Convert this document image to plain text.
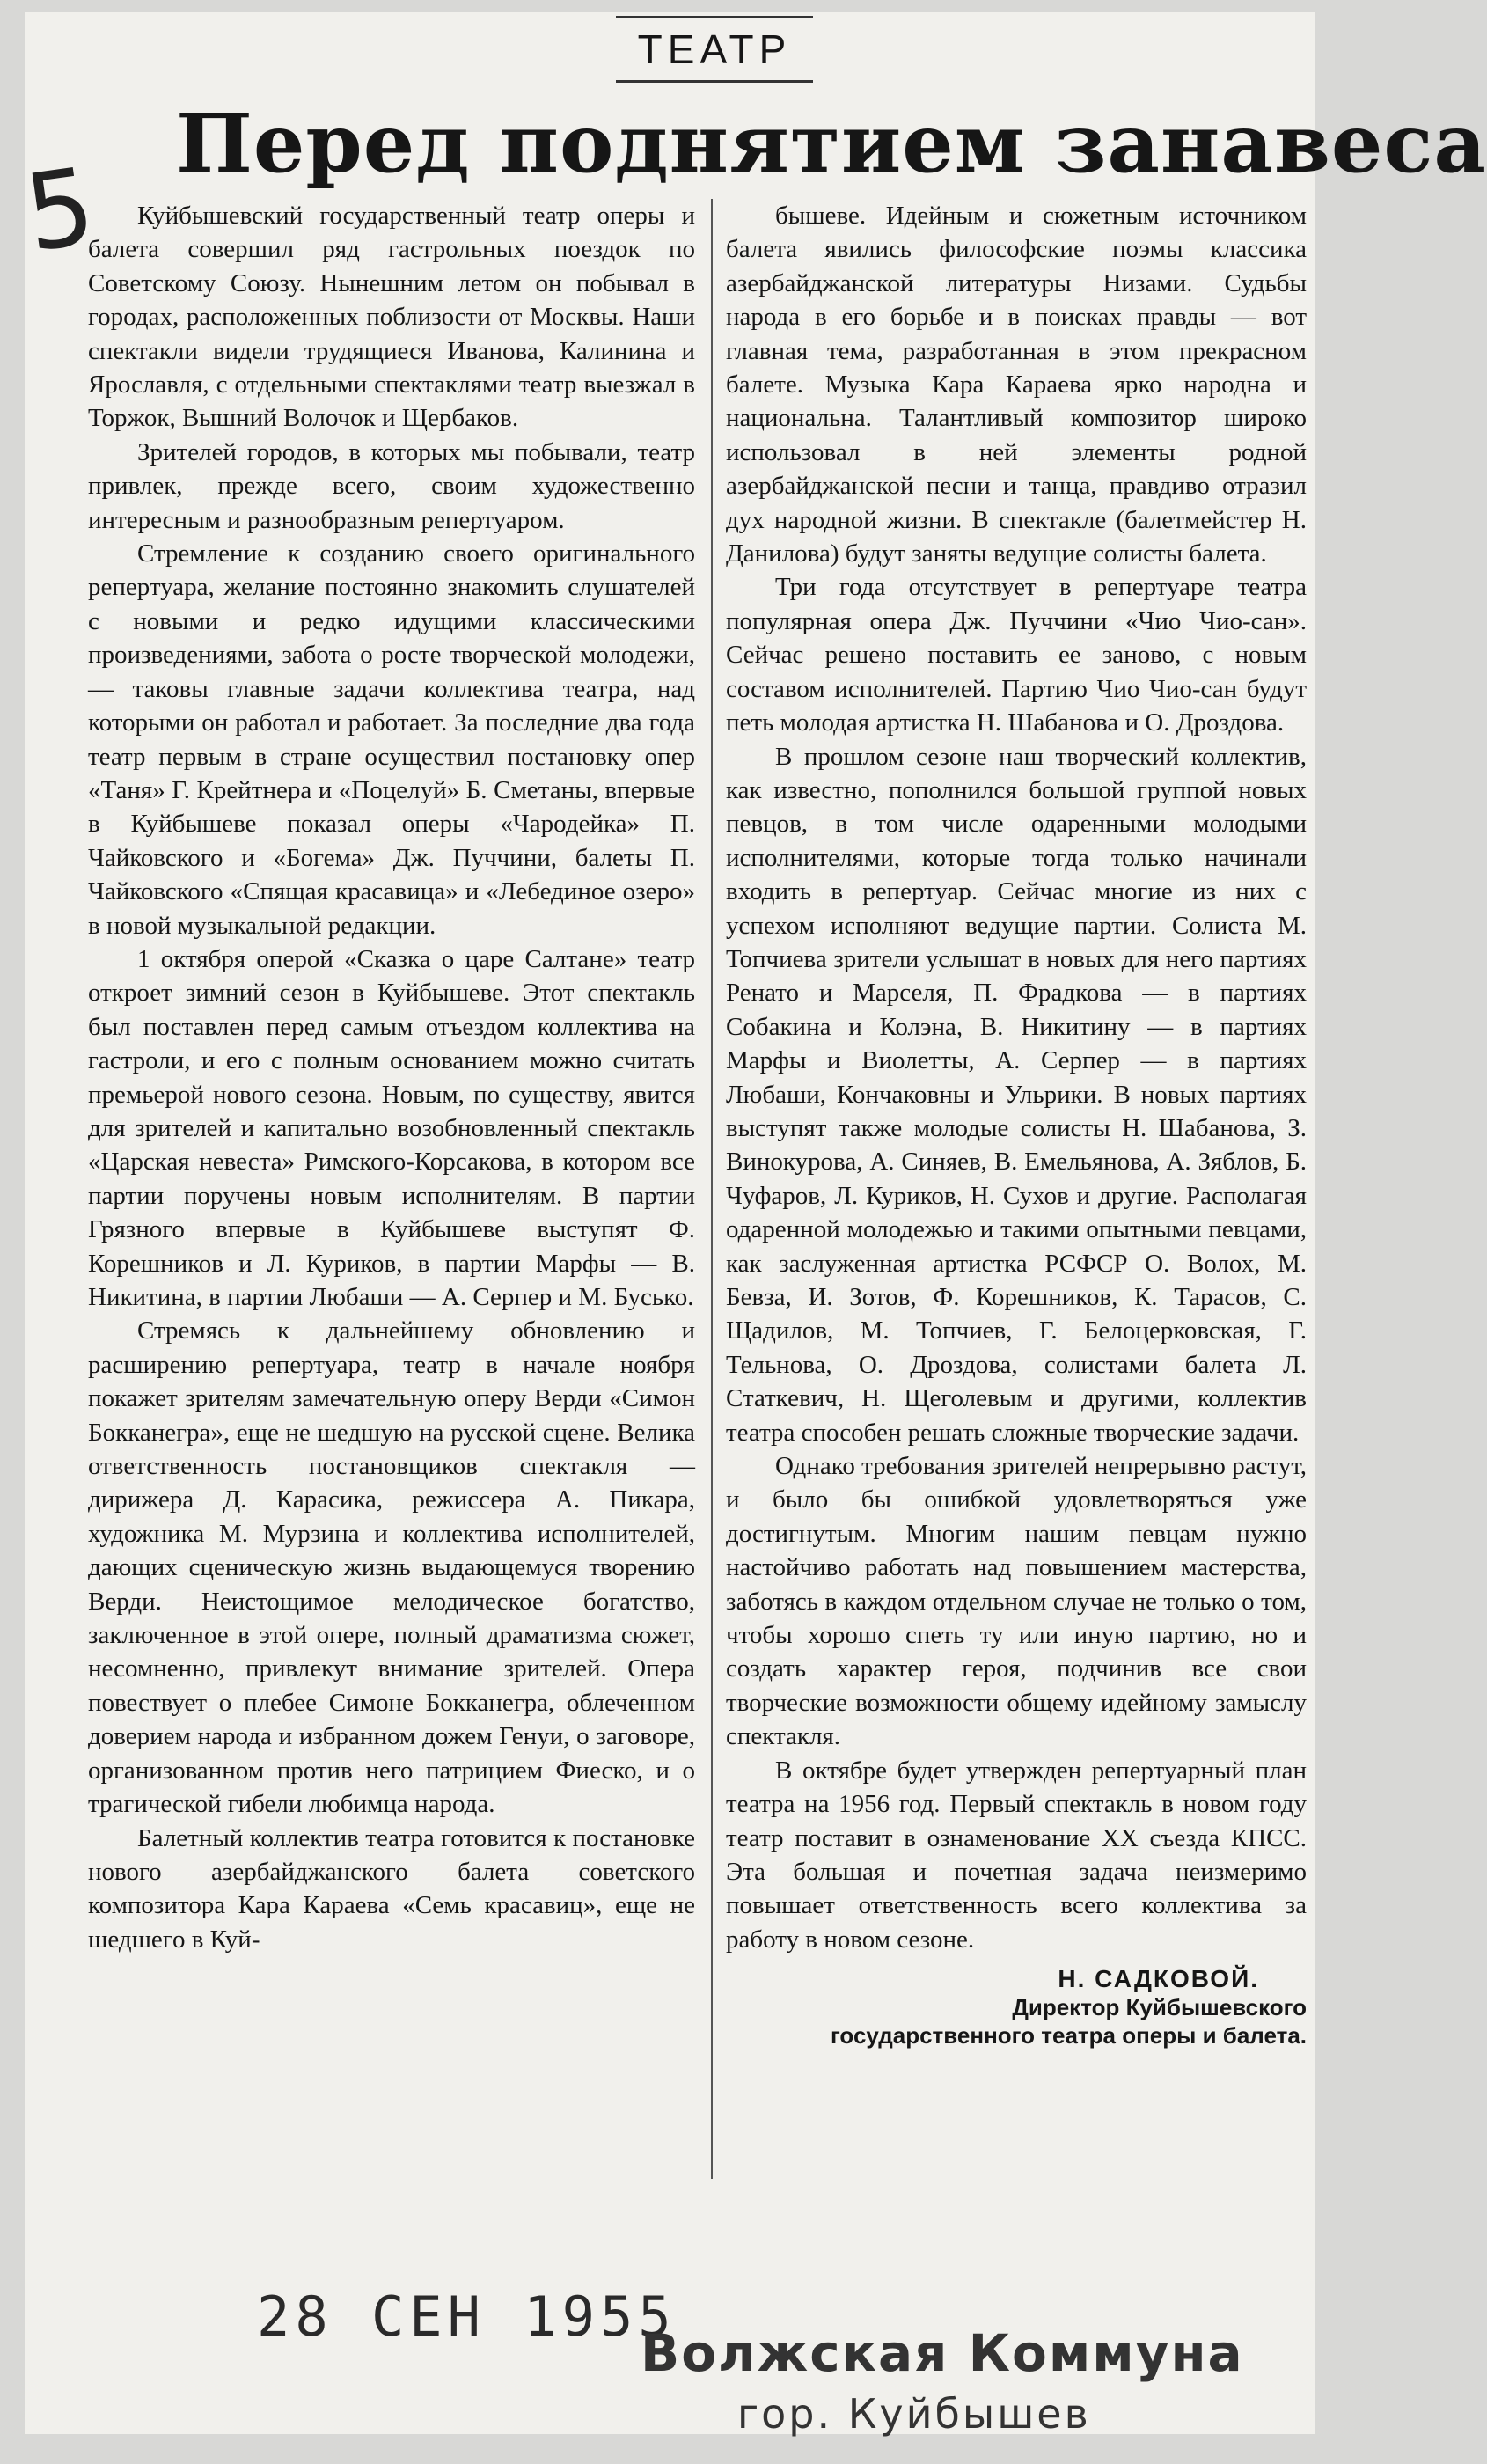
ТЕАТР
5
Перед поднятием занавеса

Куйбышевский государственный театр оперы и балета совершил ряд гастрольных поездок по Советскому Союзу. Нынешним летом он побывал в городах, расположенных поблизости от Москвы. Наши спектакли видели трудящиеся Иванова, Калинина и Ярославля, с отдельными спектаклями театр выезжал в Торжок, Вышний Волочок и Щербаков.

Зрителей городов, в которых мы побывали, театр привлек, прежде всего, своим художественно интересным и разнообразным репертуаром.

Стремление к созданию своего оригинального репертуара, желание постоянно знакомить слушателей с новыми и редко идущими классическими произведениями, забота о росте творческой молодежи, — таковы главные задачи коллектива театра, над которыми он работал и работает. За последние два года театр первым в стране осуществил постановку опер «Таня» Г. Крейтнера и «Поцелуй» Б. Сметаны, впервые в Куйбышеве показал оперы «Чародейка» П. Чайковского и «Богема» Дж. Пуччини, балеты П. Чайковского «Спящая красавица» и «Лебединое озеро» в новой музыкальной редакции.

1 октября оперой «Сказка о царе Салтане» театр откроет зимний сезон в Куйбышеве. Этот спектакль был поставлен перед самым отъездом коллектива на гастроли, и его с полным основанием можно считать премьерой нового сезона. Новым, по существу, явится для зрителей и капитально возобновленный спектакль «Царская невеста» Римского-Корсакова, в котором все партии поручены новым исполнителям. В партии Грязного впервые в Куйбышеве выступят Ф. Корешников и Л. Куриков, в партии Марфы — В. Никитина, в партии Любаши — А. Серпер и М. Бусько.

Стремясь к дальнейшему обновлению и расширению репертуара, театр в начале ноября покажет зрителям замечательную оперу Верди «Симон Бокканегра», еще не шедшую на русской сцене. Велика ответственность постановщиков спектакля — дирижера Д. Карасика, режиссера А. Пикара, художника М. Мурзина и коллектива исполнителей, дающих сценическую жизнь выдающемуся творению Верди. Неистощимое мелодическое богатство, заключенное в этой опере, полный драматизма сюжет, несомненно, привлекут внимание зрителей. Опера повествует о плебее Симоне Бокканегра, облеченном доверием народа и избранном дожем Генуи, о заговоре, организованном против него патрицием Фиеско, и о трагической гибели любимца народа.

Балетный коллектив театра готовится к постановке нового азербайджанского балета советского композитора Кара Караева «Семь красавиц», еще не шедшего в Куй-

бышеве. Идейным и сюжетным источником балета явились философские поэмы классика азербайджанской литературы Низами. Судьбы народа в его борьбе и в поисках правды — вот главная тема, разработанная в этом прекрасном балете. Музыка Кара Караева ярко народна и национальна. Талантливый композитор широко использовал в ней элементы родной азербайджанской песни и танца, правдиво отразил дух народной жизни. В спектакле (балетмейстер Н. Данилова) будут заняты ведущие солисты балета.

Три года отсутствует в репертуаре театра популярная опера Дж. Пуччини «Чио Чио-сан». Сейчас решено поставить ее заново, с новым составом исполнителей. Партию Чио Чио-сан будут петь молодая артистка Н. Шабанова и О. Дроздова.

В прошлом сезоне наш творческий коллектив, как известно, пополнился большой группой новых певцов, в том числе одаренными молодыми исполнителями, которые тогда только начинали входить в репертуар. Сейчас многие из них с успехом исполняют ведущие партии. Солиста М. Топчиева зрители услышат в новых для него партиях Ренато и Марселя, П. Фрадкова — в партиях Собакина и Колэна, В. Никитину — в партиях Марфы и Виолетты, А. Серпер — в партиях Любаши, Кончаковны и Ульрики. В новых партиях выступят также молодые солисты Н. Шабанова, З. Винокурова, А. Синяев, В. Емельянова, А. Зяблов, Б. Чуфаров, Л. Куриков, Н. Сухов и другие. Располагая одаренной молодежью и такими опытными певцами, как заслуженная артистка РСФСР О. Волох, М. Бевза, И. Зотов, Ф. Корешников, К. Тарасов, С. Щадилов, М. Топчиев, Г. Белоцерковская, Г. Тельнова, О. Дроздова, солистами балета Л. Статкевич, Н. Щеголевым и другими, коллектив театра способен решать сложные творческие задачи.

Однако требования зрителей непрерывно растут, и было бы ошибкой удовлетворяться уже достигнутым. Многим нашим певцам нужно настойчиво работать над повышением мастерства, заботясь в каждом отдельном случае не только о том, чтобы хорошо спеть ту или иную партию, но и создать характер героя, подчинив все свои творческие возможности общему идейному замыслу спектакля.

В октябре будет утвержден репертуарный план театра на 1956 год. Первый спектакль в новом году театр поставит в ознаменование XX съезда КПСС. Эта большая и почетная задача неизмеримо повышает ответственность всего коллектива за работу в новом сезоне.

Н. САДКОВОЙ.
Директор Куйбышевского
государственного театра оперы и балета.
28 СЕН 1955
Волжская Коммуна
гор. Куйбышев
